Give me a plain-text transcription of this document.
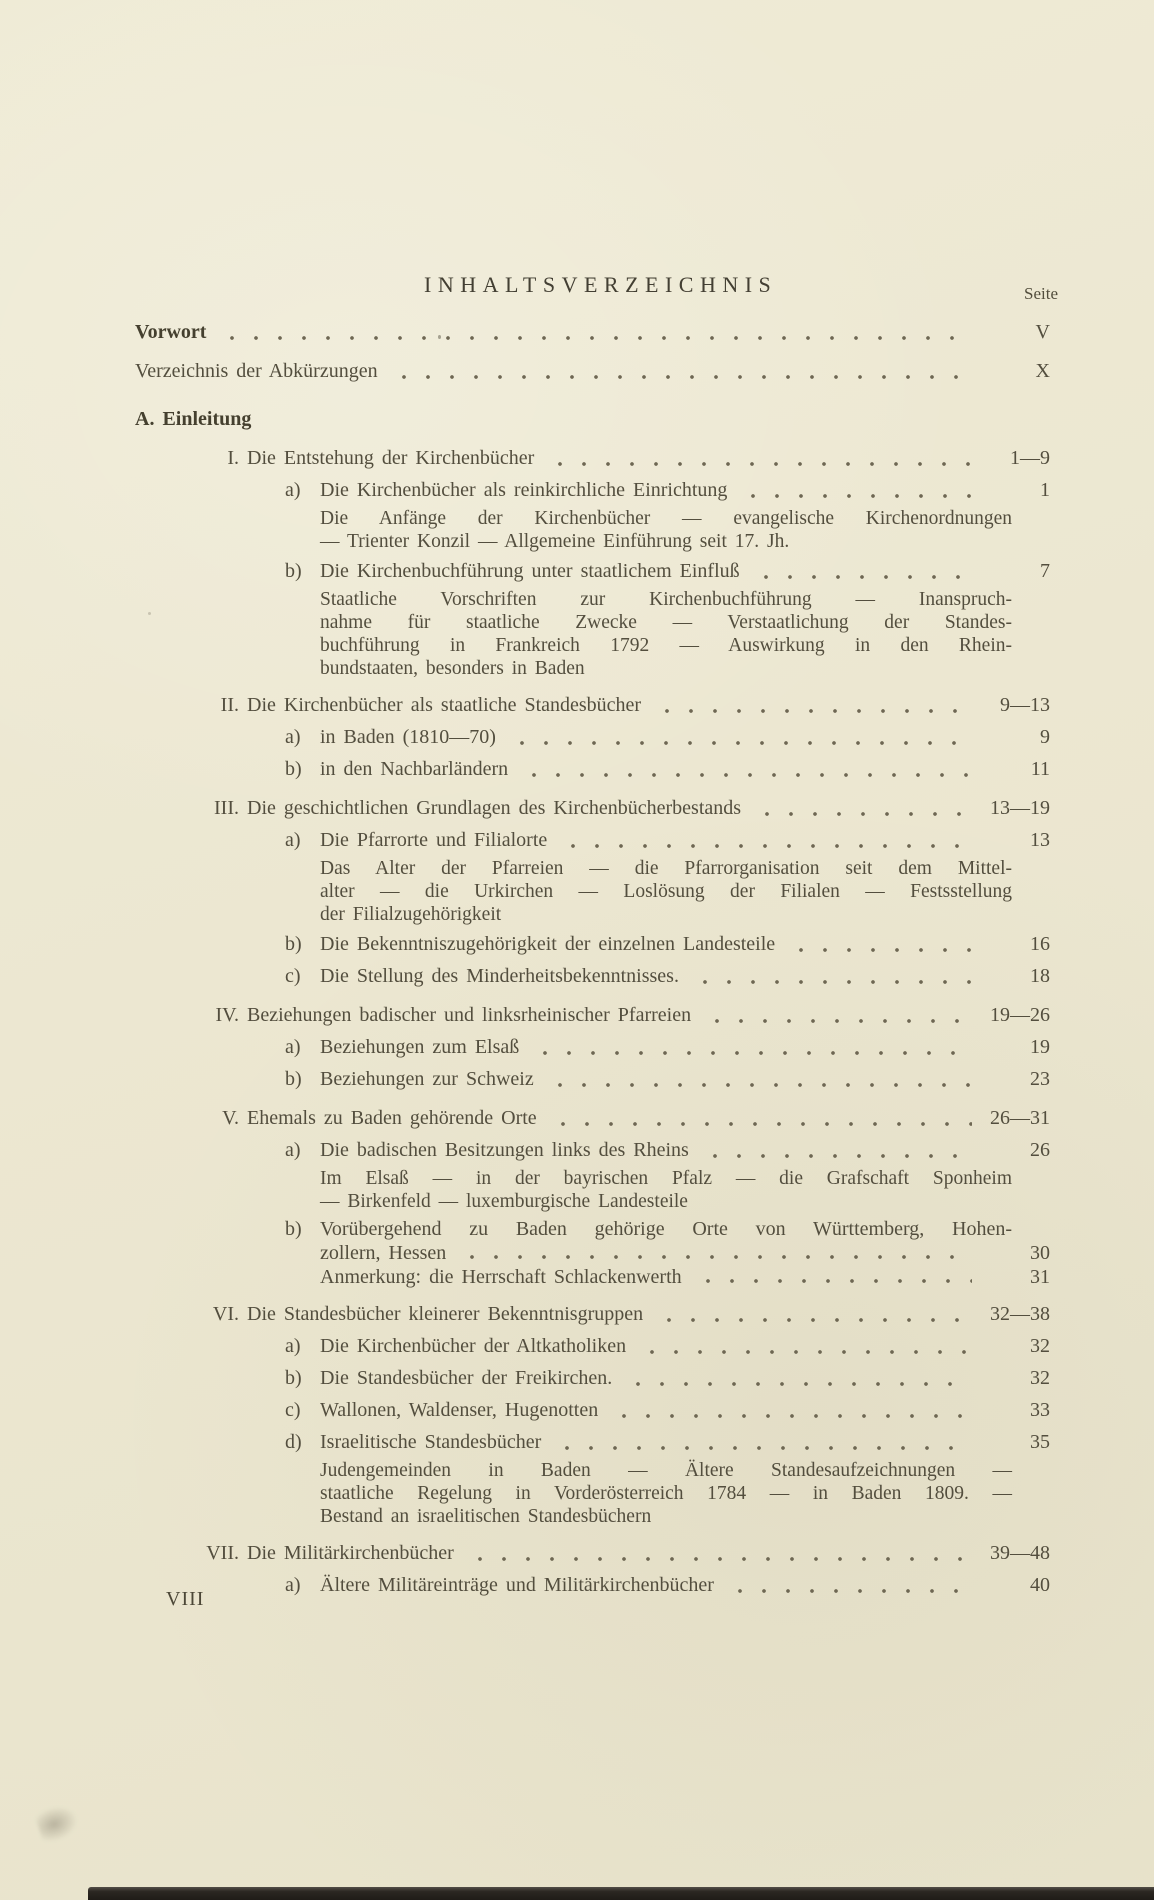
INHALTSVERZEICHNIS	Seite
Vorwort	V
Verzeichnis der Abkürzungen	X
A. Einleitung
I. Die Entstehung der Kirchenbücher	1—9
a) Die Kirchenbücher als reinkirchliche Einrichtung	1
Die Anfänge der Kirchenbücher — evangelische Kirchenordnungen
— Trienter Konzil — Allgemeine Einführung seit 17. Jh.
b) Die Kirchenbuchführung unter staatlichem Einfluß	7
Staatliche Vorschriften zur Kirchenbuchführung — Inanspruch-
nahme für staatliche Zwecke — Verstaatlichung der Standes-
buchführung in Frankreich 1792 — Auswirkung in den Rhein-
bundstaaten, besonders in Baden
II. Die Kirchenbücher als staatliche Standesbücher	9—13
a) in Baden (1810—70)	9
b) in den Nachbarländern	11
III. Die geschichtlichen Grundlagen des Kirchenbücherbestands	13—19
a) Die Pfarrorte und Filialorte	13
Das Alter der Pfarreien — die Pfarrorganisation seit dem Mittel-
alter — die Urkirchen — Loslösung der Filialen — Festsstellung
der Filialzugehörigkeit
b) Die Bekenntniszugehörigkeit der einzelnen Landesteile	16
c) Die Stellung des Minderheitsbekenntnisses.	18
IV. Beziehungen badischer und linksrheinischer Pfarreien	19—26
a) Beziehungen zum Elsaß	19
b) Beziehungen zur Schweiz	23
V. Ehemals zu Baden gehörende Orte	26—31
a) Die badischen Besitzungen links des Rheins	26
Im Elsaß — in der bayrischen Pfalz — die Grafschaft Sponheim
— Birkenfeld — luxemburgische Landesteile
b) Vorübergehend zu Baden gehörige Orte von Württemberg, Hohen-
zollern, Hessen	30
Anmerkung: die Herrschaft Schlackenwerth	31
VI. Die Standesbücher kleinerer Bekenntnisgruppen	32—38
a) Die Kirchenbücher der Altkatholiken	32
b) Die Standesbücher der Freikirchen.	32
c) Wallonen, Waldenser, Hugenotten	33
d) Israelitische Standesbücher	35
Judengemeinden in Baden — Ältere Standesaufzeichnungen —
staatliche Regelung in Vorderösterreich 1784 — in Baden 1809. —
Bestand an israelitischen Standesbüchern
VII. Die Militärkirchenbücher	39—48
a) Ältere Militäreinträge und Militärkirchenbücher	40
VIII
